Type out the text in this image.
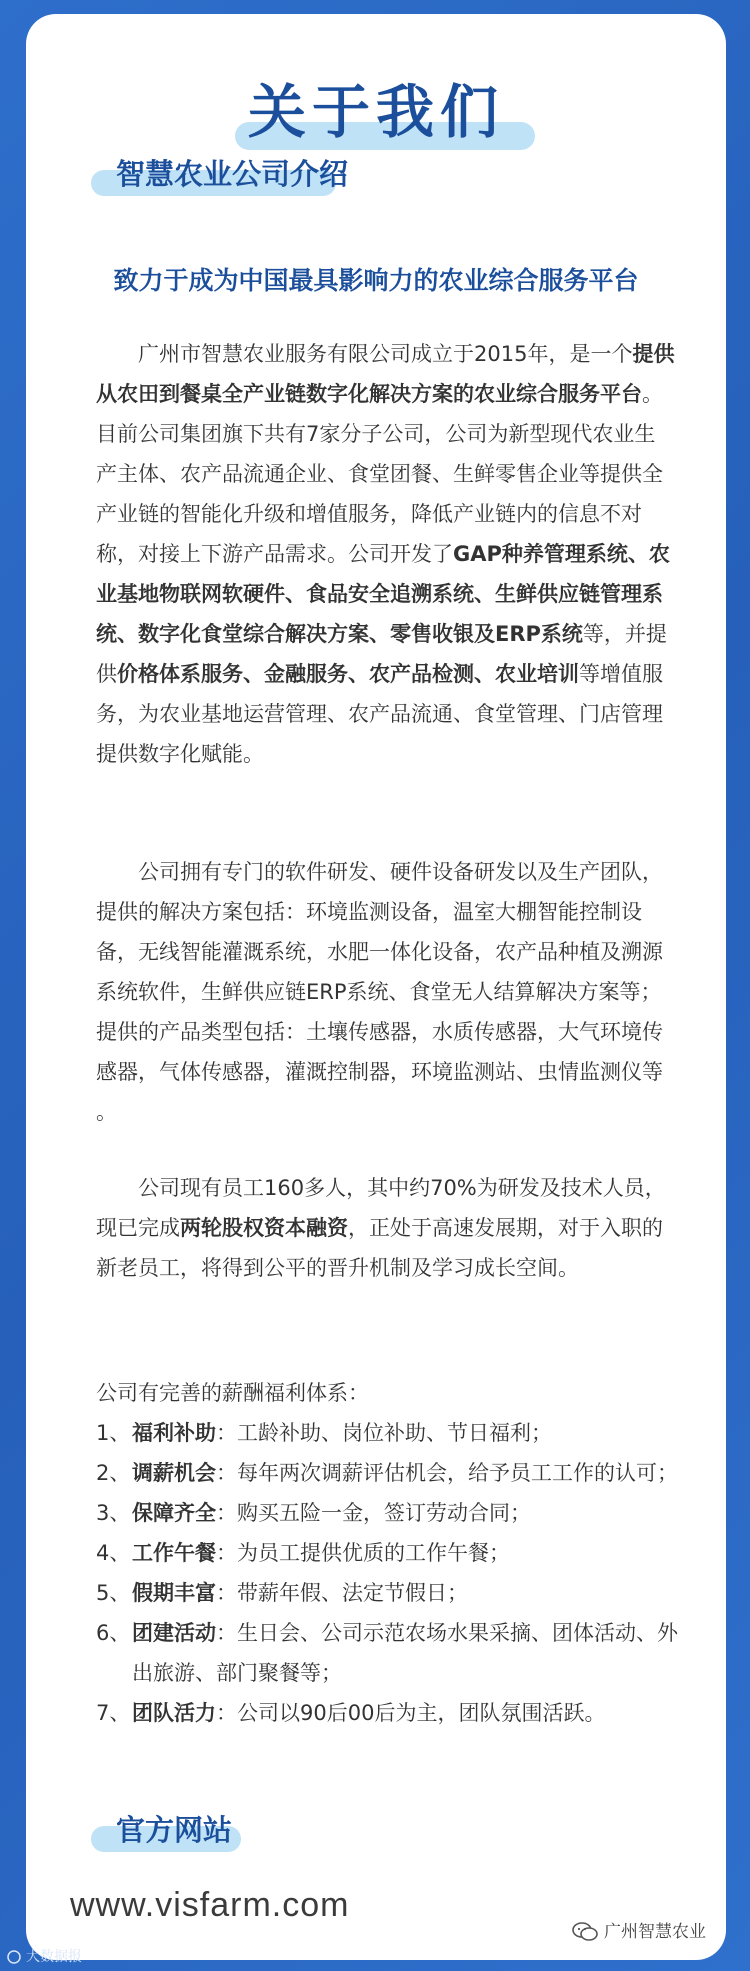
关于我们
智慧农业公司介绍
致力于成为中国最具影响力的农业综合服务平台

广州市智慧农业服务有限公司成立于2015年，是一个提供从农田到餐桌全产业链数字化解决方案的农业综合服务平台。目前公司集团旗下共有7家分子公司，公司为新型现代农业生产主体、农产品流通企业、食堂团餐、生鲜零售企业等提供全产业链的智能化升级和增值服务，降低产业链内的信息不对称，对接上下游产品需求。公司开发了GAP种养管理系统、农业基地物联网软硬件、食品安全追溯系统、生鲜供应链管理系统、数字化食堂综合解决方案、零售收银及ERP系统等，并提供价格体系服务、金融服务、农产品检测、农业培训等增值服务，为农业基地运营管理、农产品流通、食堂管理、门店管理提供数字化赋能。

公司拥有专门的软件研发、硬件设备研发以及生产团队，提供的解决方案包括：环境监测设备，温室大棚智能控制设备，无线智能灌溉系统，水肥一体化设备，农产品种植及溯源系统软件，生鲜供应链ERP系统、食堂无人结算解决方案等；提供的产品类型包括：土壤传感器，水质传感器，大气环境传感器，气体传感器，灌溉控制器，环境监测站、虫情监测仪等 。

公司现有员工160多人，其中约70%为研发及技术人员，现已完成两轮股权资本融资，正处于高速发展期，对于入职的新老员工，将得到公平的晋升机制及学习成长空间。

公司有完善的薪酬福利体系：
1、 福利补助：工龄补助、岗位补助、节日福利；
2、 调薪机会：每年两次调薪评估机会，给予员工工作的认可；
3、 保障齐全：购买五险一金，签订劳动合同；
4、 工作午餐：为员工提供优质的工作午餐；
5、 假期丰富：带薪年假、法定节假日；
6、 团建活动：生日会、公司示范农场水果采摘、团体活动、外出旅游、部门聚餐等；
7、 团队活力：公司以90后00后为主，团队氛围活跃。
官方网站
www.visfarm.com
广州智慧农业
大数据报
